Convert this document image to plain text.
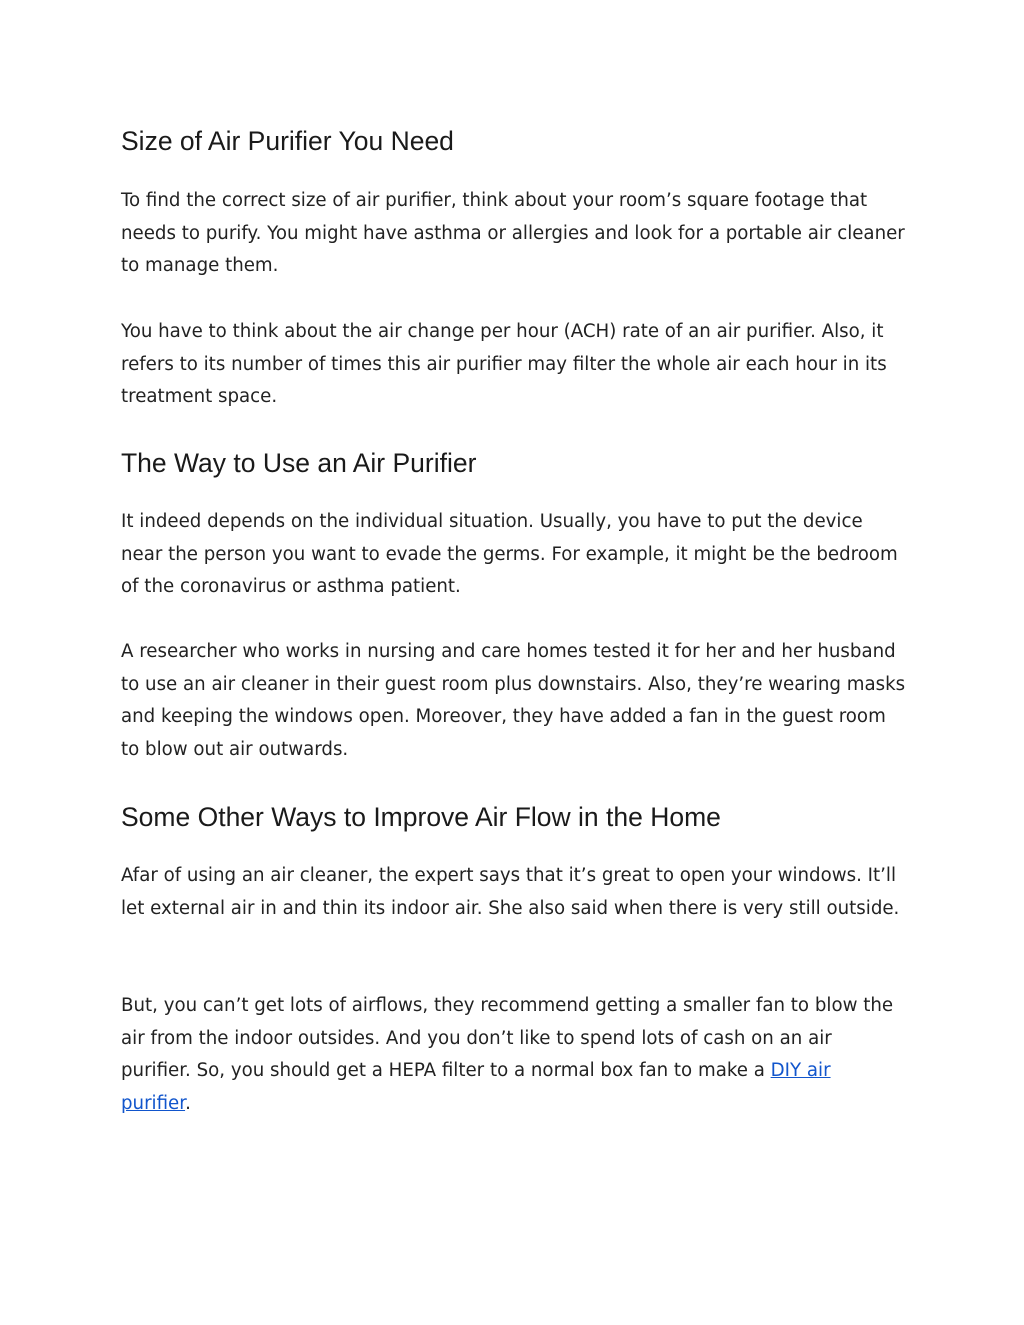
Size of Air Purifier You Need

To find the correct size of air purifier, think about your room’s square footage that needs to purify. You might have asthma or allergies and look for a portable air cleaner to manage them.

You have to think about the air change per hour (ACH) rate of an air purifier. Also, it refers to its number of times this air purifier may filter the whole air each hour in its treatment space.

The Way to Use an Air Purifier

It indeed depends on the individual situation. Usually, you have to put the device near the person you want to evade the germs. For example, it might be the bedroom of the coronavirus or asthma patient.

A researcher who works in nursing and care homes tested it for her and her husband to use an air cleaner in their guest room plus downstairs. Also, they’re wearing masks and keeping the windows open. Moreover, they have added a fan in the guest room to blow out air outwards.

Some Other Ways to Improve Air Flow in the Home

Afar of using an air cleaner, the expert says that it’s great to open your windows. It’ll let external air in and thin its indoor air. She also said when there is very still outside.

But, you can’t get lots of airflows, they recommend getting a smaller fan to blow the air from the indoor outsides. And you don’t like to spend lots of cash on an air purifier. So, you should get a HEPA filter to a normal box fan to make a DIY air purifier.
